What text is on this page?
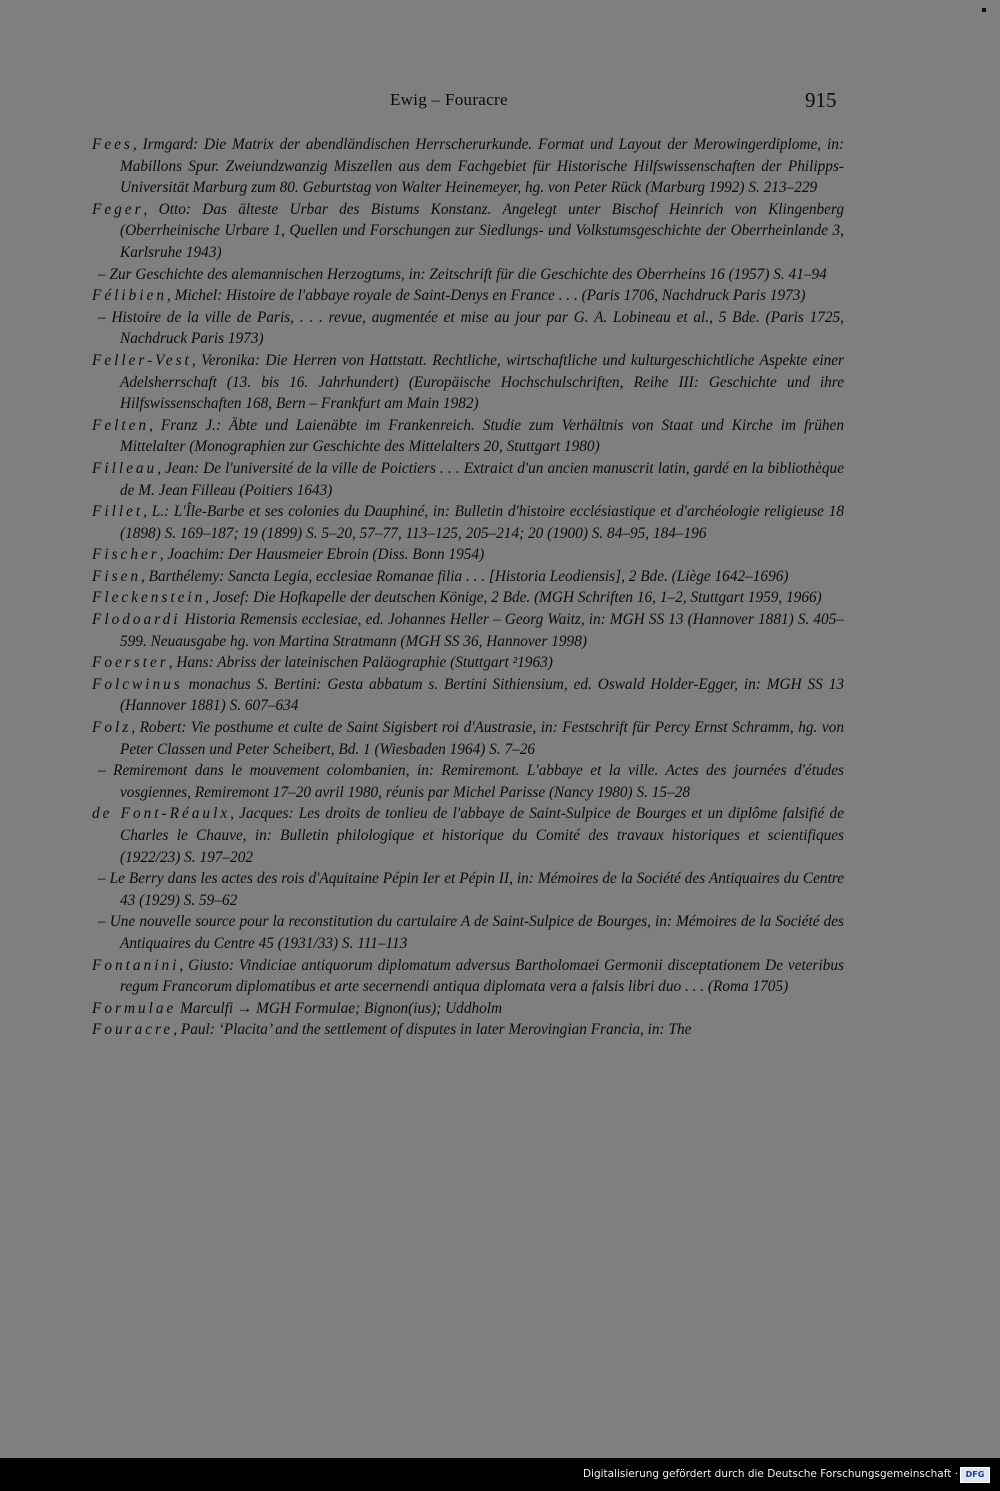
Ewig – Fouracre	915
Fees, Irmgard: Die Matrix der abendländischen Herrscherurkunde. Format und Layout der Merowingerdiplome, in: Mabillons Spur. Zweiundzwanzig Miszellen aus dem Fachgebiet für Historische Hilfswissenschaften der Philipps-Universität Marburg zum 80. Geburtstag von Walter Heinemeyer, hg. von Peter Rück (Marburg 1992) S. 213–229
Feger, Otto: Das älteste Urbar des Bistums Konstanz. Angelegt unter Bischof Heinrich von Klingenberg (Oberrheinische Urbare 1, Quellen und Forschungen zur Siedlungs- und Volkstumsgeschichte der Oberrheinlande 3, Karlsruhe 1943)
– Zur Geschichte des alemannischen Herzogtums, in: Zeitschrift für die Geschichte des Oberrheins 16 (1957) S. 41–94
Félibien, Michel: Histoire de l'abbaye royale de Saint-Denys en France . . . (Paris 1706, Nachdruck Paris 1973)
– Histoire de la ville de Paris, . . . revue, augmentée et mise au jour par G. A. Lobineau et al., 5 Bde. (Paris 1725, Nachdruck Paris 1973)
Feller-Vest, Veronika: Die Herren von Hattstatt. Rechtliche, wirtschaftliche und kulturgeschichtliche Aspekte einer Adelsherrschaft (13. bis 16. Jahrhundert) (Europäische Hochschulschriften, Reihe III: Geschichte und ihre Hilfswissenschaften 168, Bern – Frankfurt am Main 1982)
Felten, Franz J.: Äbte und Laienäbte im Frankenreich. Studie zum Verhältnis von Staat und Kirche im frühen Mittelalter (Monographien zur Geschichte des Mittelalters 20, Stuttgart 1980)
Filleau, Jean: De l'université de la ville de Poictiers . . . Extraict d'un ancien manuscrit latin, gardé en la bibliothèque de M. Jean Filleau (Poitiers 1643)
Fillet, L.: L'Île-Barbe et ses colonies du Dauphiné, in: Bulletin d'histoire ecclésiastique et d'archéologie religieuse 18 (1898) S. 169–187; 19 (1899) S. 5–20, 57–77, 113–125, 205–214; 20 (1900) S. 84–95, 184–196
Fischer, Joachim: Der Hausmeier Ebroin (Diss. Bonn 1954)
Fisen, Barthélemy: Sancta Legia, ecclesiae Romanae filia . . . [Historia Leodiensis], 2 Bde. (Liège 1642–1696)
Fleckenstein, Josef: Die Hofkapelle der deutschen Könige, 2 Bde. (MGH Schriften 16, 1–2, Stuttgart 1959, 1966)
Flodoardi Historia Remensis ecclesiae, ed. Johannes Heller – Georg Waitz, in: MGH SS 13 (Hannover 1881) S. 405–599. Neuausgabe hg. von Martina Stratmann (MGH SS 36, Hannover 1998)
Foerster, Hans: Abriss der lateinischen Paläographie (Stuttgart ²1963)
Folcwinus monachus S. Bertini: Gesta abbatum s. Bertini Sithiensium, ed. Oswald Holder-Egger, in: MGH SS 13 (Hannover 1881) S. 607–634
Folz, Robert: Vie posthume et culte de Saint Sigisbert roi d'Austrasie, in: Festschrift für Percy Ernst Schramm, hg. von Peter Classen und Peter Scheibert, Bd. 1 (Wiesbaden 1964) S. 7–26
– Remiremont dans le mouvement colombanien, in: Remiremont. L'abbaye et la ville. Actes des journées d'études vosgiennes, Remiremont 17–20 avril 1980, réunis par Michel Parisse (Nancy 1980) S. 15–28
de Font-Réaulx, Jacques: Les droits de tonlieu de l'abbaye de Saint-Sulpice de Bourges et un diplôme falsifié de Charles le Chauve, in: Bulletin philologique et historique du Comité des travaux historiques et scientifiques (1922/23) S. 197–202
– Le Berry dans les actes des rois d'Aquitaine Pépin Ier et Pépin II, in: Mémoires de la Société des Antiquaires du Centre 43 (1929) S. 59–62
– Une nouvelle source pour la reconstitution du cartulaire A de Saint-Sulpice de Bourges, in: Mémoires de la Société des Antiquaires du Centre 45 (1931/33) S. 111–113
Fontanini, Giusto: Vindiciae antiquorum diplomatum adversus Bartholomaei Germonii disceptationem De veteribus regum Francorum diplomatibus et arte secernendi antiqua diplomata vera a falsis libri duo . . . (Roma 1705)
Formulae Marculfi → MGH Formulae; Bignon(ius); Uddholm
Fouracre, Paul: ‘Placita’ and the settlement of disputes in later Merovingian Francia, in: The
Digitalisierung gefördert durch die Deutsche Forschungsgemeinschaft · DFG
